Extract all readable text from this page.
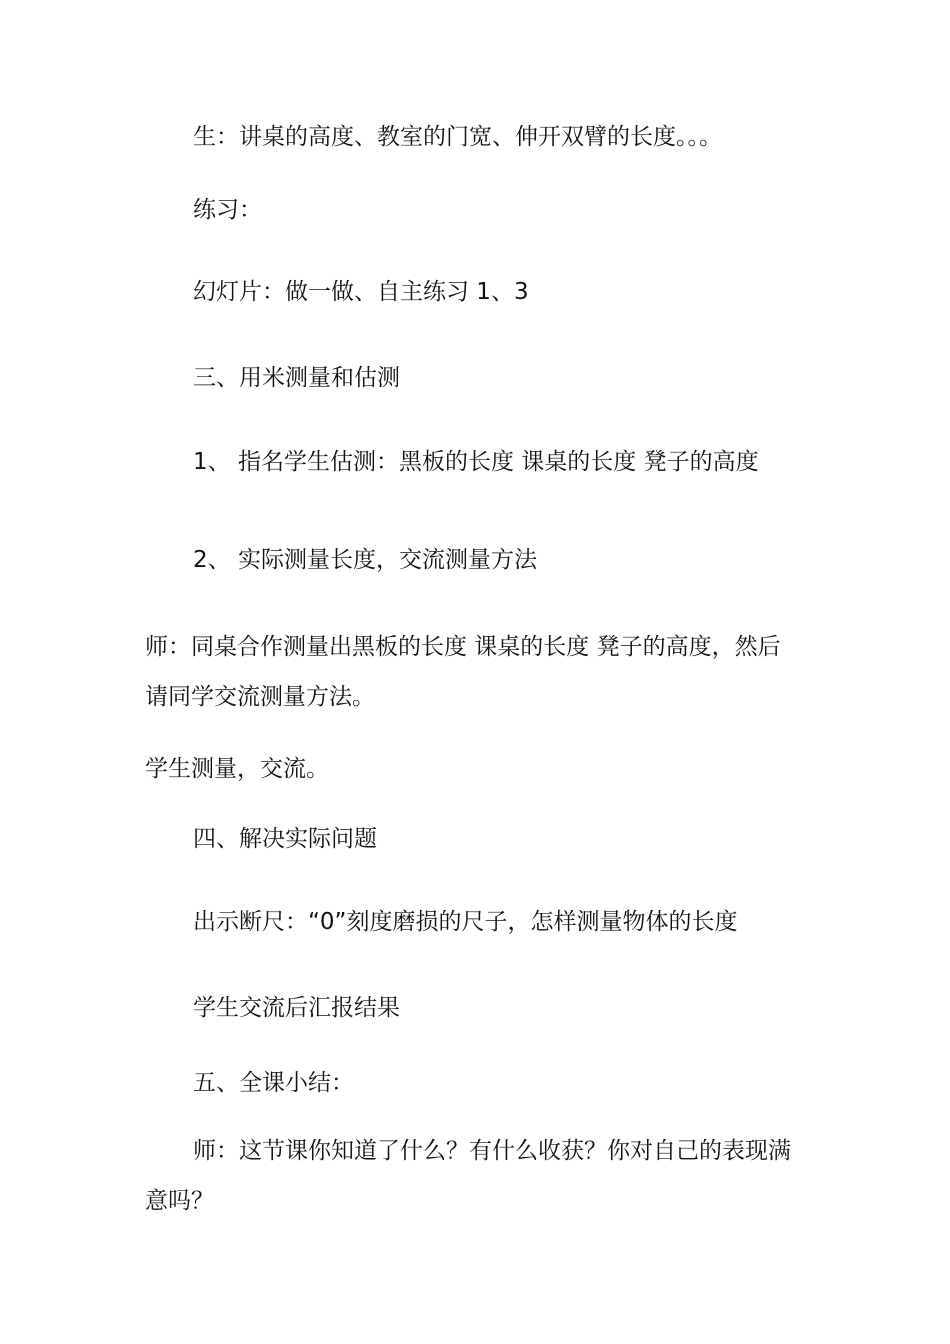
生：讲桌的高度、教室的门宽、伸开双臂的长度。。。

练习：

幻灯片：做一做、自主练习 1、3

三、用米测量和估测

1、 指名学生估测：黑板的长度 课桌的长度 凳子的高度

2、 实际测量长度，交流测量方法

师：同桌合作测量出黑板的长度 课桌的长度 凳子的高度，然后

请同学交流测量方法。

学生测量，交流。

四、解决实际问题

出示断尺：“0”刻度磨损的尺子，怎样测量物体的长度

学生交流后汇报结果

五、全课小结：

师：这节课你知道了什么？有什么收获？你对自己的表现满

意吗？
